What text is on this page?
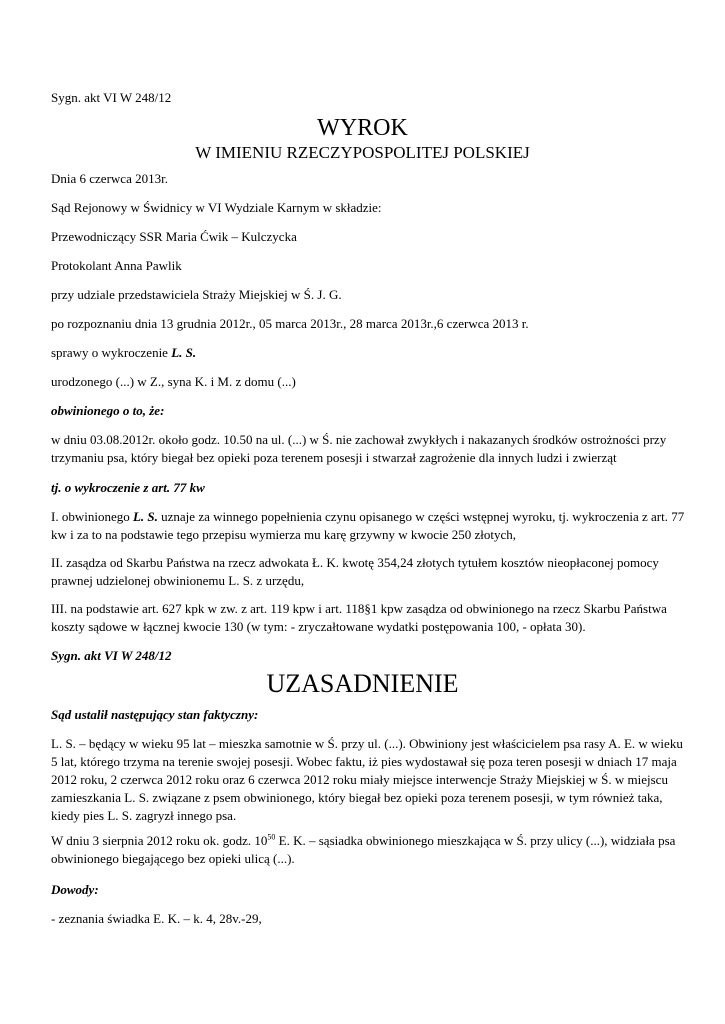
Sygn. akt VI W 248/12

WYROK

W IMIENIU RZECZYPOSPOLITEJ POLSKIEJ

Dnia 6 czerwca 2013r.

Sąd Rejonowy w Świdnicy w VI Wydziale Karnym w składzie:

Przewodniczący SSR Maria Ćwik – Kulczycka

Protokolant Anna Pawlik

przy udziale przedstawiciela Straży Miejskiej w Ś. J. G.

po rozpoznaniu dnia 13 grudnia 2012r., 05 marca 2013r., 28 marca 2013r.,6 czerwca 2013 r.

sprawy o wykroczenie L. S.

urodzonego (...) w Z., syna K. i M. z domu (...)

obwinionego o to, że:

w dniu 03.08.2012r. około godz. 10.50 na ul. (...) w Ś. nie zachował zwykłych i nakazanych środków ostrożności przy trzymaniu psa, który biegał bez opieki poza terenem posesji i stwarzał zagrożenie dla innych ludzi i zwierząt

tj. o wykroczenie z art. 77 kw

I. obwinionego L. S. uznaje za winnego popełnienia czynu opisanego w części wstępnej wyroku, tj. wykroczenia z art. 77 kw i za to na podstawie tego przepisu wymierza mu karę grzywny w kwocie 250 złotych,

II. zasądza od Skarbu Państwa na rzecz adwokata Ł. K. kwotę 354,24 złotych tytułem kosztów nieopłaconej pomocy prawnej udzielonej obwinionemu L. S. z urzędu,

III. na podstawie art. 627 kpk w zw. z art. 119 kpw i art. 118§1 kpw zasądza od obwinionego na rzecz Skarbu Państwa koszty sądowe w łącznej kwocie 130 (w tym: - zryczałtowane wydatki postępowania 100, - opłata 30).

Sygn. akt VI W 248/12

UZASADNIENIE

Sąd ustalił następujący stan faktyczny:

L. S. – będący w wieku 95 lat – mieszka samotnie w Ś. przy ul. (...). Obwiniony jest właścicielem psa rasy A. E. w wieku 5 lat, którego trzyma na terenie swojej posesji. Wobec faktu, iż pies wydostawał się poza teren posesji w dniach 17 maja 2012 roku, 2 czerwca 2012 roku oraz 6 czerwca 2012 roku miały miejsce interwencje Straży Miejskiej w Ś. w miejscu zamieszkania L. S. związane z psem obwinionego, który biegał bez opieki poza terenem posesji, w tym również taka, kiedy pies L. S. zagryzł innego psa.

W dniu 3 sierpnia 2012 roku ok. godz. $10^{50}$ E. K. – sąsiadka obwinionego mieszkająca w Ś. przy ulicy (...), widziała psa obwinionego biegającego bez opieki ulicą (...).

Dowody:

- zeznania świadka E. K. – k. 4, 28v.-29,
